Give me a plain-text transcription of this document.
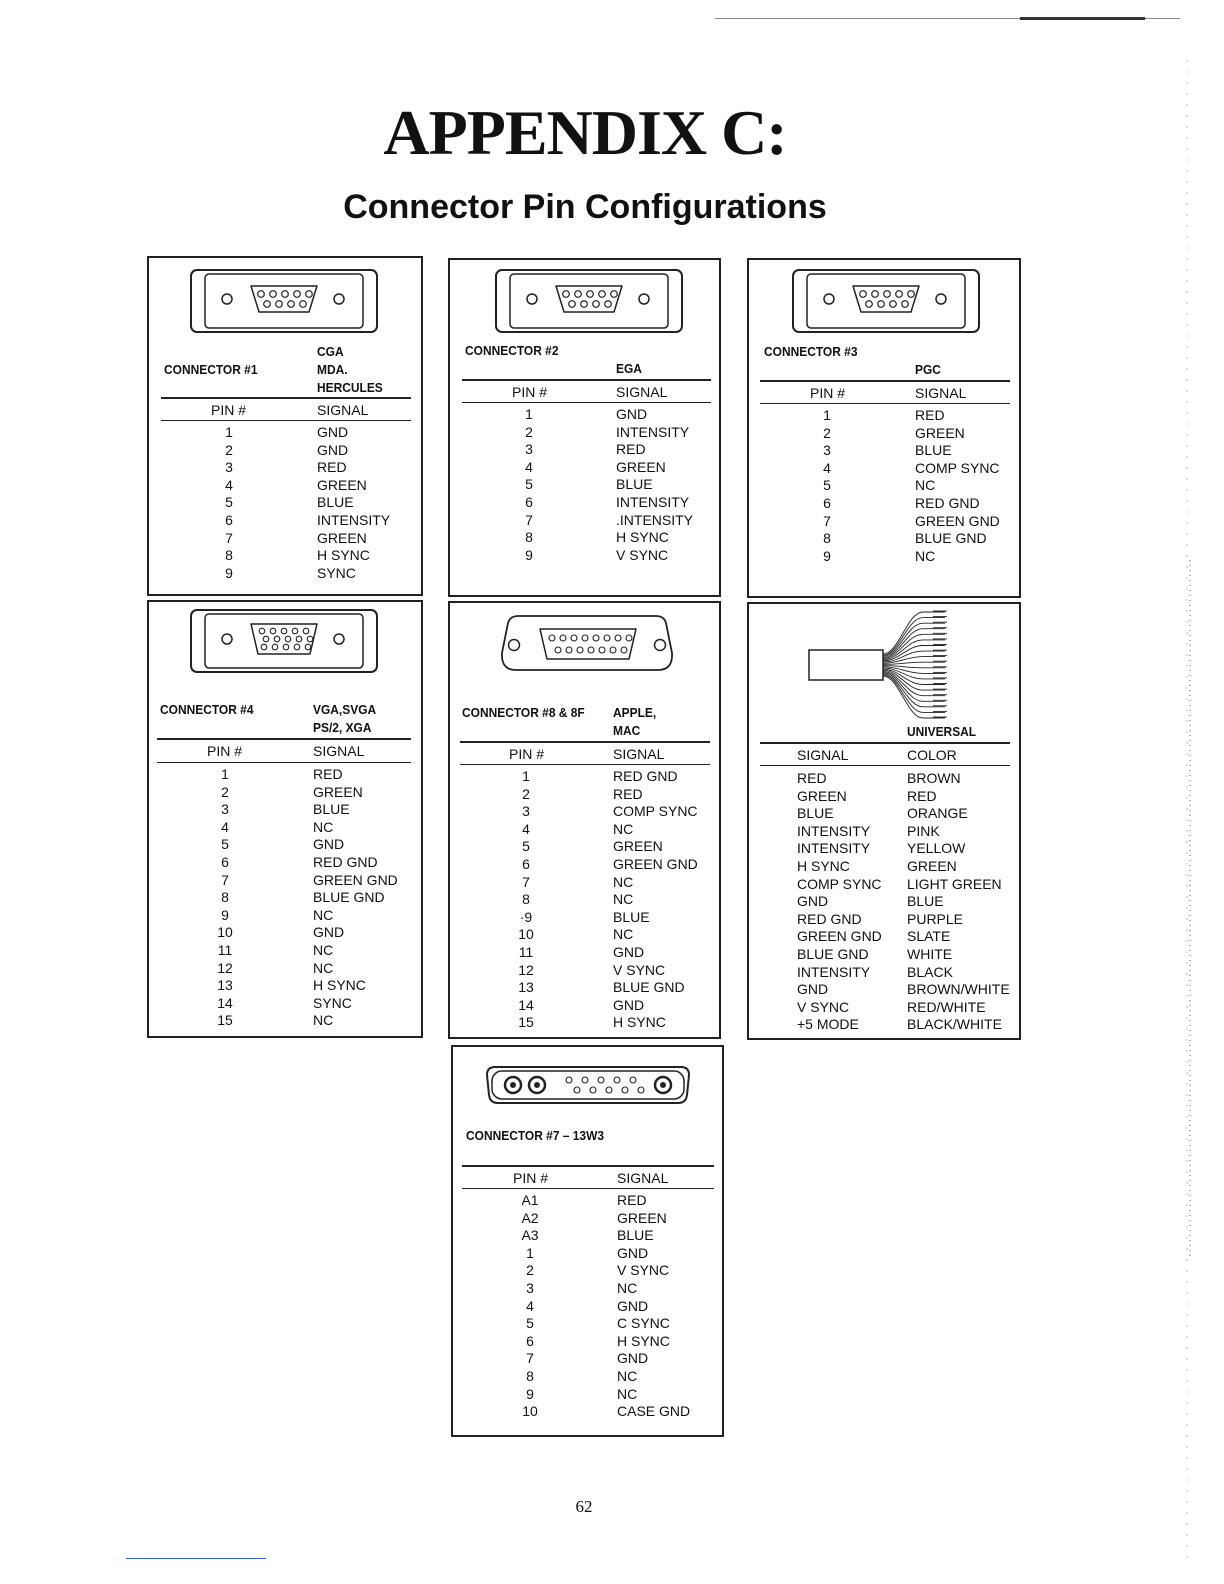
APPENDIX C:
Connector Pin Configurations
CONNECTOR #1
CGA
MDA.
HERCULES
PIN #	SIGNAL
1	GND
2	GND
3	RED
4	GREEN
5	BLUE
6	INTENSITY
7	GREEN
8	H SYNC
9	SYNC
CONNECTOR #2
EGA
PIN #	SIGNAL
1	GND
2	INTENSITY
3	RED
4	GREEN
5	BLUE
6	INTENSITY
7	.INTENSITY
8	H SYNC
9	V SYNC
CONNECTOR #3
PGC
PIN #	SIGNAL
1	RED
2	GREEN
3	BLUE
4	COMP SYNC
5	NC
6	RED GND
7	GREEN GND
8	BLUE GND
9	NC
CONNECTOR #4	VGA,SVGA
PS/2, XGA
PIN #	SIGNAL
1	RED
2	GREEN
3	BLUE
4	NC
5	GND
6	RED GND
7	GREEN GND
8	BLUE GND
9	NC
10	GND
11	NC
12	NC
13	H SYNC
14	SYNC
15	NC
CONNECTOR #8 & 8F APPLE,
MAC
PIN #	SIGNAL
1	RED GND
2	RED
3	COMP SYNC
4	NC
5	GREEN
6	GREEN GND
7	NC
8	NC
·9	BLUE
10	NC
11	GND
12	V SYNC
13	BLUE GND
14	GND
15	H SYNC
UNIVERSAL
SIGNAL	COLOR
RED	BROWN
GREEN	RED
BLUE	ORANGE
INTENSITY	PINK
INTENSITY	YELLOW
H SYNC	GREEN
COMP SYNC	LIGHT GREEN
GND	BLUE
RED GND	PURPLE
GREEN GND	SLATE
BLUE GND	WHITE
INTENSITY	BLACK
GND	BROWN/WHITE
V SYNC	RED/WHITE
+5 MODE	BLACK/WHITE
CONNECTOR #7 – 13W3
PIN #	SIGNAL
A1	RED
A2	GREEN
A3	BLUE
1	GND
2	V SYNC
3	NC
4	GND
5	C SYNC
6	H SYNC
7	GND
8	NC
9	NC
10	CASE GND
62
